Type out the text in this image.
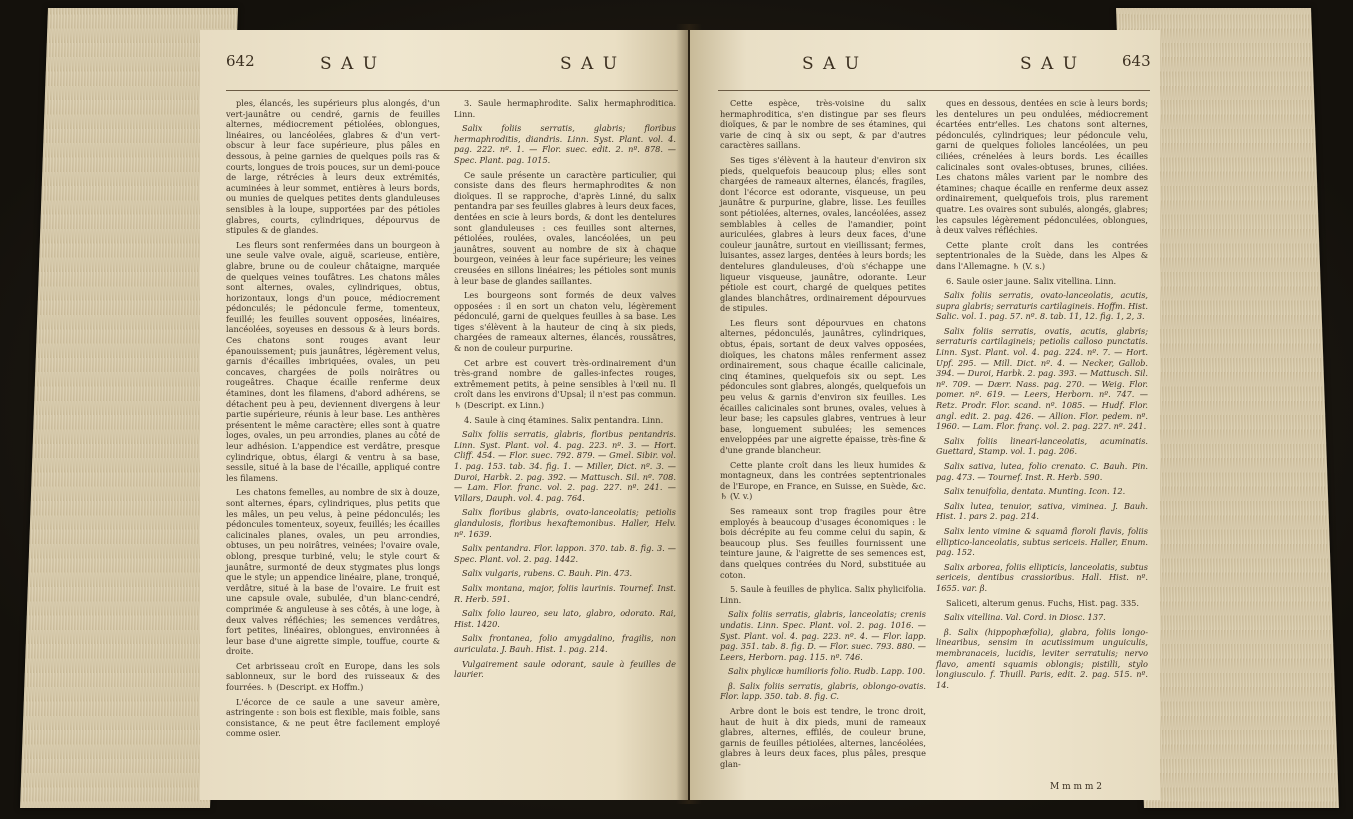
642	S A U	S A U

ples, élancés, les supérieurs plus alongés, d'un vert-jaunâtre ou cendré, garnis de feuilles alternes, médiocrement pétiolées, oblongues, linéaires, ou lancéolées, glabres & d'un vert-obscur à leur face supérieure, plus pâles en dessous, à peine garnies de quelques poils ras & courts, longues de trois pouces, sur un demi-pouce de large, rétrécies à leurs deux extrémités, acuminées à leur sommet, entières à leurs bords, ou munies de quelques petites dents glanduleuses sensibles à la loupe, supportées par des pétioles glabres, courts, cylindriques, dépourvus de stipules & de glandes.

Les fleurs sont renfermées dans un bourgeon à une seule valve ovale, aiguë, scarieuse, entière, glabre, brune ou de couleur châtaigne, marquée de quelques veines toufâtres. Les chatons mâles sont alternes, ovales, cylindriques, obtus, horizontaux, longs d'un pouce, médiocrement pédonculés; le pédoncule ferme, tomenteux, feuillé; les feuilles souvent opposées, linéaires, lancéolées, soyeuses en dessous & à leurs bords. Ces chatons sont rouges avant leur épanouissement; puis jaunâtres, légèrement velus, garnis d'écailles imbriquées, ovales, un peu concaves, chargées de poils noirâtres ou rougeâtres. Chaque écaille renferme deux étamines, dont les filamens, d'abord adhérens, se détachent peu à peu, deviennent divergens à leur partie supérieure, réunis à leur base. Les anthères présentent le même caractère; elles sont à quatre loges, ovales, un peu arrondies, planes au côté de leur adhésion. L'appendice est verdâtre, presque cylindrique, obtus, élargi & ventru à sa base, sessile, situé à la base de l'écaille, appliqué contre les filamens.

Les chatons femelles, au nombre de six à douze, sont alternes, épars, cylindriques, plus petits que les mâles, un peu velus, à peine pédonculés; les pédoncules tomenteux, soyeux, feuillés; les écailles calicinales planes, ovales, un peu arrondies, obtuses, un peu noirâtres, veinées; l'ovaire ovale, oblong, presque turbiné, velu; le style court & jaunâtre, surmonté de deux stygmates plus longs que le style; un appendice linéaire, plane, tronqué, verdâtre, situé à la base de l'ovaire. Le fruit est une capsule ovale, subulée, d'un blanc-cendré, comprimée & anguleuse à ses côtés, à une loge, à deux valves réfléchies; les semences verdâtres, fort petites, linéaires, oblongues, environnées à leur base d'une aigrette simple, touffue, courte & droite.

Cet arbrisseau croît en Europe, dans les sols sablonneux, sur le bord des ruisseaux & des fourrées. ♄ (Descript. ex Hoffm.)

L'écorce de ce saule a une saveur amère, astringente : son bois est flexible, mais foible, sans consistance, & ne peut être facilement employé comme osier.

3. Saule hermaphrodite. Salix hermaphroditica. Linn.

Salix foliis serratis, glabris; floribus hermaphroditis, diandris. Linn. Syst. Plant. vol. 4. pag. 222. nº. 1. — Flor. suec. edit. 2. nº. 878. — Spec. Plant. pag. 1015.

Ce saule présente un caractère particulier, qui consiste dans des fleurs hermaphrodites & non dioïques. Il se rapproche, d'après Linné, du salix pentandra par ses feuilles glabres à leurs deux faces, dentées en scie à leurs bords, & dont les dentelures sont glanduleuses : ces feuilles sont alternes, pétiolées, roulées, ovales, lancéolées, un peu jaunâtres, souvent au nombre de six à chaque bourgeon, veinées à leur face supérieure; les veines creusées en sillons linéaires; les pétioles sont munis à leur base de glandes saillantes.

Les bourgeons sont formés de deux valves opposées : il en sort un chaton velu, légèrement pédonculé, garni de quelques feuilles à sa base. Les tiges s'élèvent à la hauteur de cinq à six pieds, chargées de rameaux alternes, élancés, roussâtres, & non de couleur purpurine.

Cet arbre est couvert très-ordinairement d'un très-grand nombre de galles-infectes rouges, extrêmement petits, à peine sensibles à l'œil nu. Il croît dans les environs d'Upsal; il n'est pas commun. ♄ (Descript. ex Linn.)

4. Saule à cinq étamines. Salix pentandra. Linn.

Salix foliis serratis, glabris, floribus pentandris. Linn. Syst. Plant. vol. 4. pag. 223. nº. 3. — Hort. Cliff. 454. — Flor. suec. 792. 879. — Gmel. Sibir. vol. 1. pag. 153. tab. 34. fig. 1. — Miller, Dict. nº. 3. — Duroi, Harbk. 2. pag. 392. — Mattusch. Sil. nº. 708. — Lam. Flor. franc. vol. 2. pag. 227. nº. 241. — Villars, Dauph. vol. 4. pag. 764.

Salix floribus glabris, ovato-lanceolatis; petiolis glandulosis, floribus hexaftemonibus. Haller, Helv. nº. 1639.

Salix pentandra. Flor. lappon. 370. tab. 8. fig. 3. — Spec. Plant. vol. 2. pag. 1442.

Salix vulgaris, rubens. C. Bauh. Pin. 473.

Salix montana, major, foliis laurinis. Tournef. Inst. R. Herb. 591.

Salix folio laureo, seu lato, glabro, odorato. Rai, Hist. 1420.

Salix frontanea, folio amygdalino, fragilis, non auriculata. J. Bauh. Hist. 1. pag. 214.

Vulgairement saule odorant, saule à feuilles de laurier.

S A U	S A U	643

Cette espèce, très-voisine du salix hermaphroditica, s'en distingue par ses fleurs dioïques, & par le nombre de ses étamines, qui varie de cinq à six ou sept, & par d'autres caractères saillans.

Ses tiges s'élèvent à la hauteur d'environ six pieds, quelquefois beaucoup plus; elles sont chargées de rameaux alternes, élancés, fragiles, dont l'écorce est odorante, visqueuse, un peu jaunâtre & purpurine, glabre, lisse. Les feuilles sont pétiolées, alternes, ovales, lancéolées, assez semblables à celles de l'amandier, point auriculées, glabres à leurs deux faces, d'une couleur jaunâtre, surtout en vieillissant; fermes, luisantes, assez larges, dentées à leurs bords; les dentelures glanduleuses, d'où s'échappe une liqueur visqueuse, jaunâtre, odorante. Leur pétiole est court, chargé de quelques petites glandes blanchâtres, ordinairement dépourvues de stipules.

Les fleurs sont dépourvues en chatons alternes, pédonculés, jaunâtres, cylindriques, obtus, épais, sortant de deux valves opposées, dioïques, les chatons mâles renferment assez ordinairement, sous chaque écaille calicinale, cinq étamines, quelquefois six ou sept. Les pédoncules sont glabres, alongés, quelquefois un peu velus & garnis d'environ six feuilles. Les écailles calicinales sont brunes, ovales, velues à leur base; les capsules glabres, ventrues à leur base, longuement subulées; les semences enveloppées par une aigrette épaisse, très-fine & d'une grande blancheur.

Cette plante croît dans les lieux humides & montagneux, dans les contrées septentrionales de l'Europe, en France, en Suisse, en Suède, &c. ♄ (V. v.)

Ses rameaux sont trop fragiles pour être employés à beaucoup d'usages économiques : le bois décrépite au feu comme celui du sapin, & beaucoup plus. Ses feuilles fournissent une teinture jaune, & l'aigrette de ses semences est, dans quelques contrées du Nord, substituée au coton.

5. Saule à feuilles de phylica. Salix phylicifolia. Linn.

Salix foliis serratis, glabris, lanceolatis; crenis undatis. Linn. Spec. Plant. vol. 2. pag. 1016. — Syst. Plant. vol. 4. pag. 223. nº. 4. — Flor. lapp. pag. 351. tab. 8. fig. D. — Flor. suec. 793. 880. — Leers, Herborn. pag. 115. nº. 746.

Salix phylicæ humilioris folio. Rudb. Lapp. 100.

β. Salix foliis serratis, glabris, oblongo-ovatis. Flor. lapp. 350. tab. 8. fig. C.

Arbre dont le bois est tendre, le tronc droit, haut de huit à dix pieds, muni de rameaux glabres, alternes, effilés, de couleur brune, garnis de feuilles pétiolées, alternes, lancéolées, glabres à leurs deux faces, plus pâles, presque glan-

ques en dessous, dentées en scie à leurs bords; les dentelures un peu ondulées, médiocrement écartées entr'elles. Les chatons sont alternes, pédonculés, cylindriques; leur pédoncule velu, garni de quelques folioles lancéolées, un peu ciliées, crénelées à leurs bords. Les écailles calicinales sont ovales-obtuses, brunes, ciliées. Les chatons mâles varient par le nombre des étamines; chaque écaille en renferme deux assez ordinairement, quelquefois trois, plus rarement quatre. Les ovaires sont subulés, alongés, glabres; les capsules légèrement pédonculées, oblongues, à deux valves réfléchies.

Cette plante croît dans les contrées septentrionales de la Suède, dans les Alpes & dans l'Allemagne. ♄ (V. s.)

6. Saule osier jaune. Salix vitellina. Linn.

Salix foliis serratis, ovato-lanceolatis, acutis, supra glabris; serraturis cartilagineis. Hoffm. Hist. Salic. vol. 1. pag. 57. nº. 8. tab. 11, 12. fig. 1, 2, 3.

Salix foliis serratis, ovatis, acutis, glabris; serraturis cartilagineis; petiolis calloso punctatis. Linn. Syst. Plant. vol. 4. pag. 224. nº. 7. — Hort. Upf. 295. — Mill. Dict. nº. 4. — Necker, Gallob. 394. — Duroi, Harbk. 2. pag. 393. — Mattusch. Sil. nº. 709. — Dærr. Nass. pag. 270. — Weig. Flor. pomer. nº. 619. — Leers, Herborn. nº. 747. — Retz. Prodr. Flor. scand. nº. 1085. — Hudf. Flor. angl. edit. 2. pag. 426. — Allion. Flor. pedem. nº. 1960. — Lam. Flor. franç. vol. 2. pag. 227. nº. 241.

Salix foliis lineari-lanceolatis, acuminatis. Guettard, Stamp. vol. 1. pag. 206.

Salix sativa, lutea, folio crenato. C. Bauh. Pin. pag. 473. — Tournef. Inst. R. Herb. 590.

Salix tenuifolia, dentata. Munting. Icon. 12.

Salix lutea, tenuior, sativa, viminea. J. Bauh. Hist. 1. pars 2. pag. 214.

Salix lento vimine & squamâ floroli flavis, foliis elliptico-lanceolatis, subtus sericeis. Haller, Enum. pag. 152.

Salix arborea, foliis ellipticis, lanceolatis, subtus sericeis, dentibus crassioribus. Hall. Hist. nº. 1655. var. β.

Saliceti, alterum genus. Fuchs, Hist. pag. 335.

Salix vitellina. Val. Cord. in Diosc. 137.

β. Salix (hippophæfolia), glabra, foliis longo-linearibus, sensim in acutissimum unguiculis, membranaceis, lucidis, leviter serratulis; nervo flavo, amenti squamis oblongis; pistilli, stylo longiusculo. f. Thuill. Paris, edit. 2. pag. 515. nº. 14.

M m m m 2
